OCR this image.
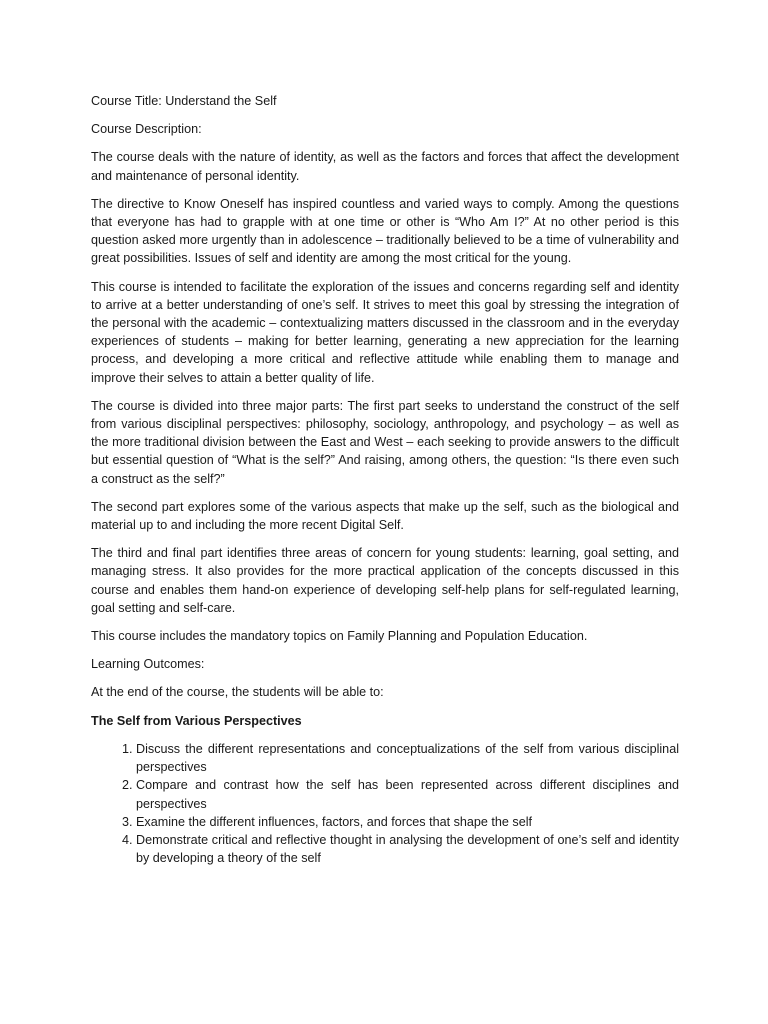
Course Title: Understand the Self

Course Description:

The course deals with the nature of identity, as well as the factors and forces that affect the development and maintenance of personal identity.

The directive to Know Oneself has inspired countless and varied ways to comply. Among the questions that everyone has had to grapple with at one time or other is “Who Am I?” At no other period is this question asked more urgently than in adolescence – traditionally believed to be a time of vulnerability and great possibilities. Issues of self and identity are among the most critical for the young.

This course is intended to facilitate the exploration of the issues and concerns regarding self and identity to arrive at a better understanding of one’s self. It strives to meet this goal by stressing the integration of the personal with the academic – contextualizing matters discussed in the classroom and in the everyday experiences of students – making for better learning, generating a new appreciation for the learning process, and developing a more critical and reflective attitude while enabling them to manage and improve their selves to attain a better quality of life.

The course is divided into three major parts: The first part seeks to understand the construct of the self from various disciplinal perspectives: philosophy, sociology, anthropology, and psychology – as well as the more traditional division between the East and West – each seeking to provide answers to the difficult but essential question of “What is the self?” And raising, among others, the question: “Is there even such a construct as the self?”

The second part explores some of the various aspects that make up the self, such as the biological and material up to and including the more recent Digital Self.

The third and final part identifies three areas of concern for young students: learning, goal setting, and managing stress. It also provides for the more practical application of the concepts discussed in this course and enables them hand-on experience of developing self-help plans for self-regulated learning, goal setting and self-care.

This course includes the mandatory topics on Family Planning and Population Education.

Learning Outcomes:

At the end of the course, the students will be able to:

The Self from Various Perspectives

1. Discuss the different representations and conceptualizations of the self from various disciplinal perspectives
2. Compare and contrast how the self has been represented across different disciplines and perspectives
3. Examine the different influences, factors, and forces that shape the self
4. Demonstrate critical and reflective thought in analysing the development of one’s self and identity by developing a theory of the self
